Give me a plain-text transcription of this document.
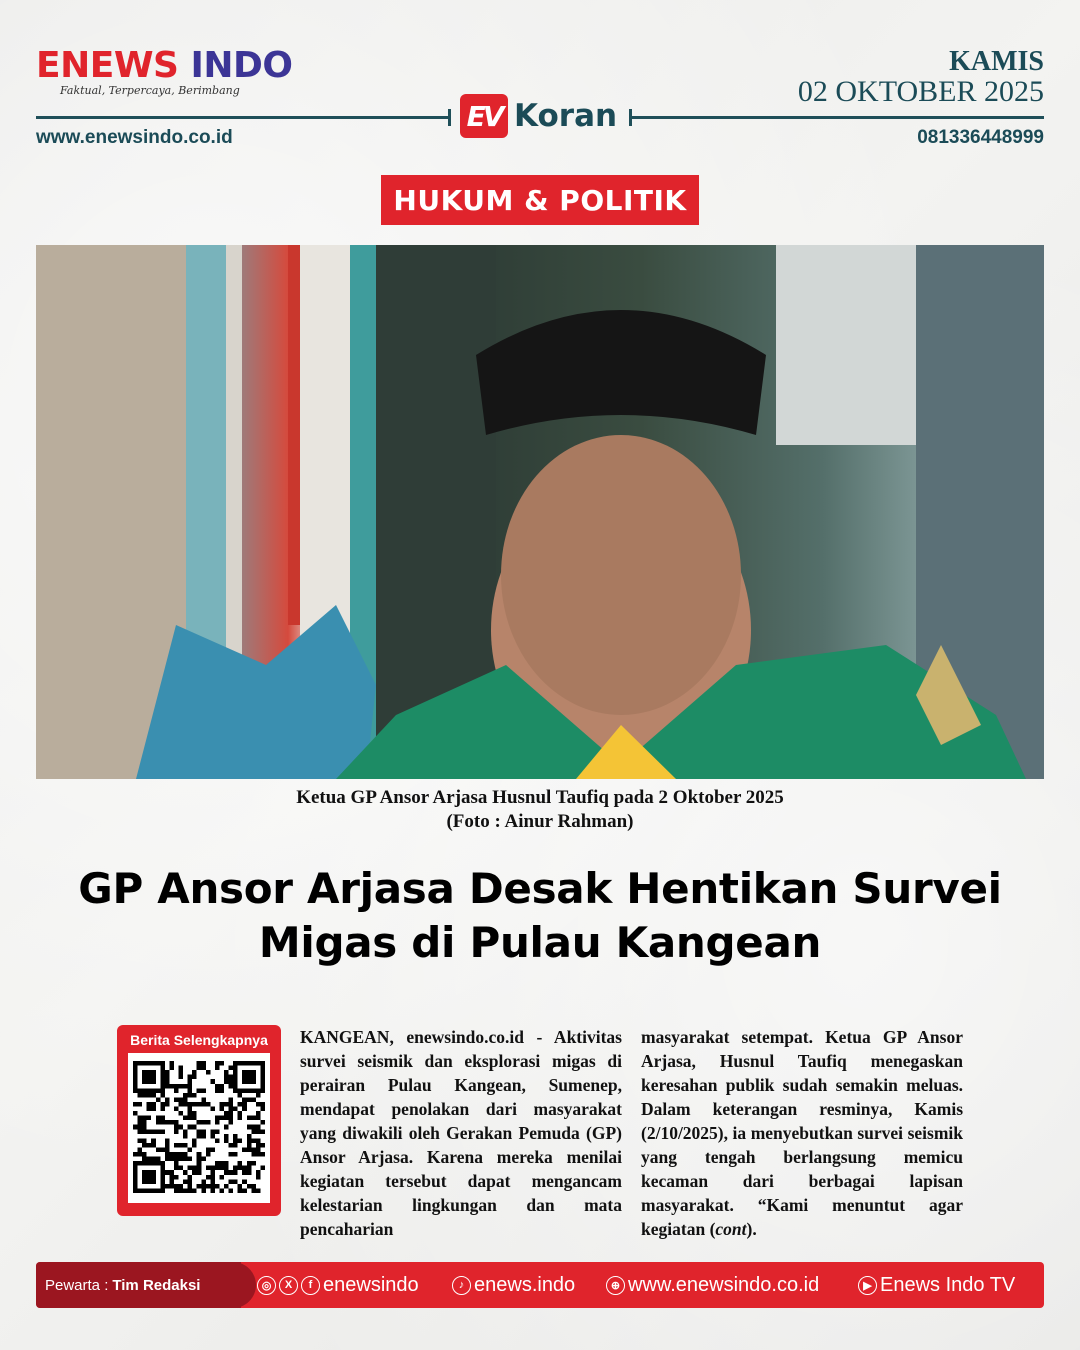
ENEWS INDO
Faktual, Terpercaya, Berimbang
KAMIS
02 OKTOBER 2025
EV Koran
www.enewsindo.co.id	081336448999
HUKUM & POLITIK
Ketua GP Ansor Arjasa Husnul Taufiq pada 2 Oktober 2025
(Foto : Ainur Rahman)
GP Ansor Arjasa Desak Hentikan Survei
Migas di Pulau Kangean
Berita Selengkapnya	KANGEAN, enewsindo.co.id - Aktivitas survei seismik dan eksplorasi migas di perairan Pulau Kangean, Sumenep, mendapat penolakan dari masyarakat yang diwakili oleh Gerakan Pemuda (GP) Ansor Arjasa. Karena mereka menilai kegiatan tersebut dapat mengancam kelestarian lingkungan dan mata pencaharian
masyarakat setempat. Ketua GP Ansor Arjasa, Husnul Taufiq menegaskan keresahan publik sudah semakin meluas. Dalam keterangan resminya, Kamis (2/10/2025), ia menyebutkan survei seismik yang tengah berlangsung memicu kecaman dari berbagai lapisan masyarakat. “Kami menuntut agar kegiatan (cont).
Pewarta : Tim Redaksi	◎	X	f enewsindo	♪ enews.indo	⊕ www.enewsindo.co.id	▶ Enews Indo TV
